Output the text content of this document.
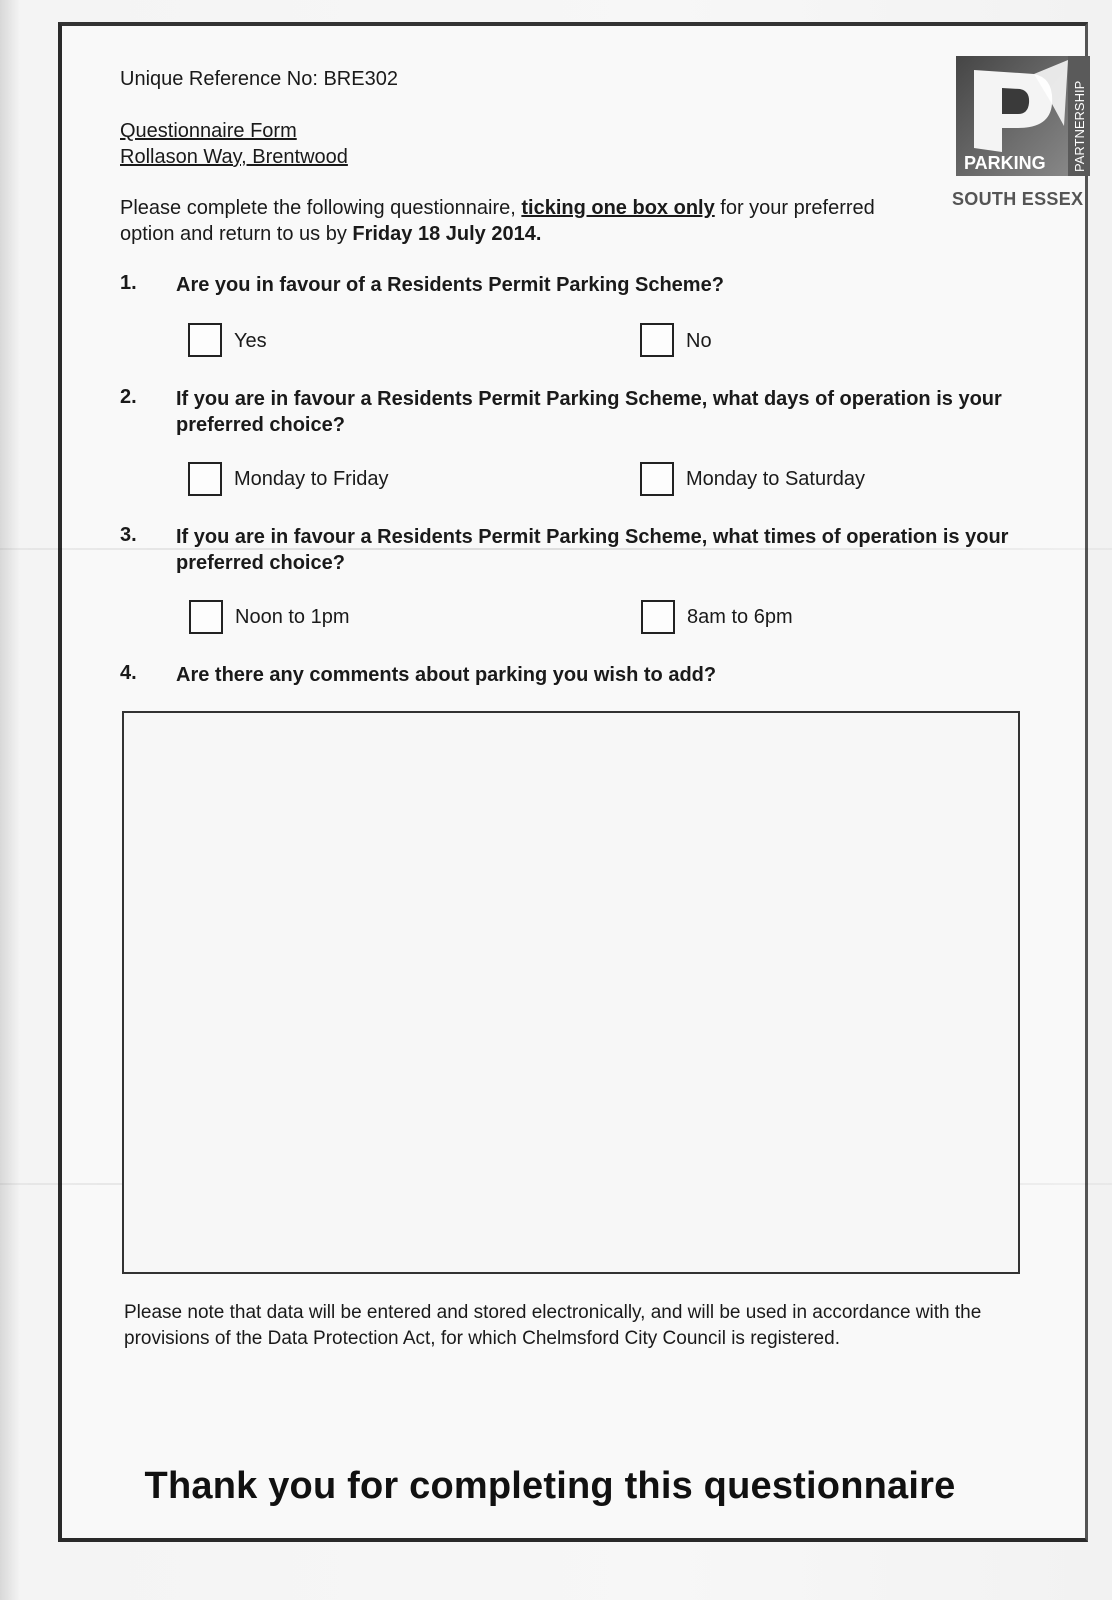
Unique Reference No: BRE302
Questionnaire Form
Rollason Way, Brentwood	PARKING PARTNERSHIP
SOUTH ESSEX
Please complete the following questionnaire, ticking one box only for your preferred option and return to us by Friday 18 July 2014.
1. Are you in favour of a Residents Permit Parking Scheme?
Yes	No
2. If you are in favour a Residents Permit Parking Scheme, what days of operation is your preferred choice?
Monday to Friday	Monday to Saturday
3. If you are in favour a Residents Permit Parking Scheme, what times of operation is your preferred choice?
Noon to 1pm	8am to 6pm
4. Are there any comments about parking you wish to add?
Please note that data will be entered and stored electronically, and will be used in accordance with the provisions of the Data Protection Act, for which Chelmsford City Council is registered.
Thank you for completing this questionnaire
